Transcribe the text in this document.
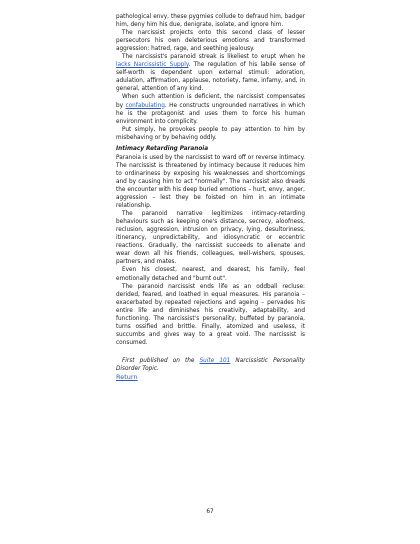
pathological envy, these pygmies collude to defraud him, badger him, deny him his due, denigrate, isolate, and ignore him.

The narcissist projects onto this second class of lesser persecutors his own deleterious emotions and transformed aggression: hatred, rage, and seething jealousy.

The narcissist's paranoid streak is likeliest to erupt when he lacks Narcissistic Supply. The regulation of his labile sense of self-worth is dependent upon external stimuli: adoration, adulation, affirmation, applause, notoriety, fame, infamy, and, in general, attention of any kind.

When such attention is deficient, the narcissist compensates by confabulating. He constructs ungrounded narratives in which he is the protagonist and uses them to force his human environment into complicity.

Put simply, he provokes people to pay attention to him by misbehaving or by behaving oddly.

Intimacy Retarding Paranoia

Paranoia is used by the narcissist to ward off or reverse intimacy. The narcissist is threatened by intimacy because it reduces him to ordinariness by exposing his weaknesses and shortcomings and by causing him to act "normally". The narcissist also dreads the encounter with his deep buried emotions – hurt, envy, anger, aggression – lest they be foisted on him in an intimate relationship.

The paranoid narrative legitimizes intimacy-retarding behaviours such as keeping one's distance, secrecy, aloofness, reclusion, aggression, intrusion on privacy, lying, desultoriness, itinerancy, unpredictability, and idiosyncratic or eccentric reactions. Gradually, the narcissist succeeds to alienate and wear down all his friends, colleagues, well-wishers, spouses, partners, and mates.

Even his closest, nearest, and dearest, his family, feel emotionally detached and "burnt out".

The paranoid narcissist ends life as an oddball recluse: derided, feared, and loathed in equal measures. His paranoia – exacerbated by repeated rejections and ageing – pervades his entire life and diminishes his creativity, adaptability, and functioning. The narcissist's personality, buffeted by paranoia, turns ossified and brittle. Finally, atomized and useless, it succumbs and gives way to a great void. The narcissist is consumed.

First published on the Suite 101 Narcissistic Personality Disorder Topic.

Return
67
